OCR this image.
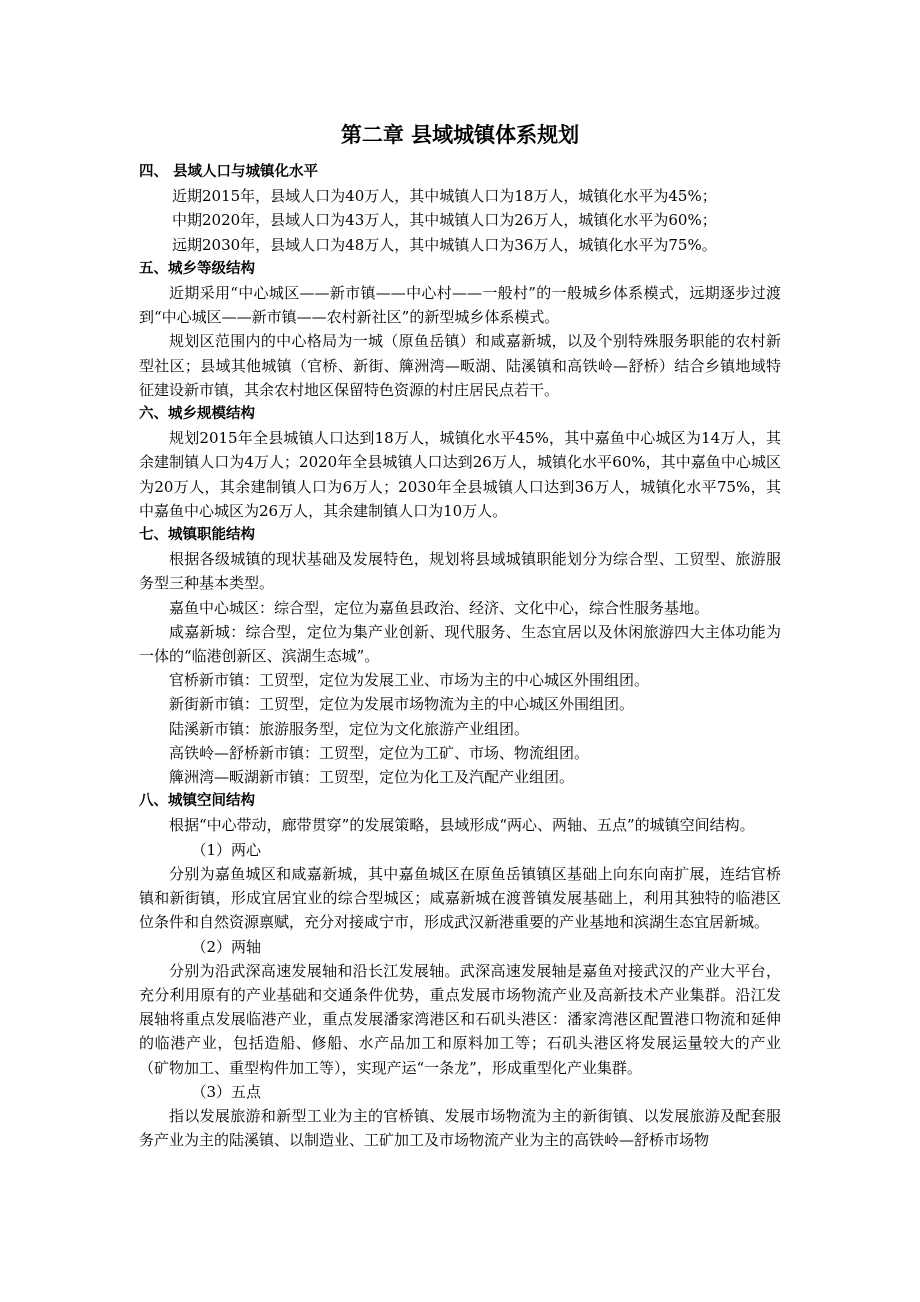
第二章 县域城镇体系规划

四、 县域人口与城镇化水平

近期2015年，县域人口为40万人，其中城镇人口为18万人，城镇化水平为45%；

中期2020年，县域人口为43万人，其中城镇人口为26万人，城镇化水平为60%；

远期2030年，县域人口为48万人，其中城镇人口为36万人，城镇化水平为75%。

五、城乡等级结构

近期采用“中心城区——新市镇——中心村——一般村”的一般城乡体系模式，远期逐步过渡到“中心城区——新市镇——农村新社区”的新型城乡体系模式。

规划区范围内的中心格局为一城（原鱼岳镇）和咸嘉新城，以及个别特殊服务职能的农村新型社区；县域其他城镇（官桥、新街、簰洲湾—畈湖、陆溪镇和高铁岭—舒桥）结合乡镇地域特征建设新市镇，其余农村地区保留特色资源的村庄居民点若干。

六、城乡规模结构

规划2015年全县城镇人口达到18万人，城镇化水平45%，其中嘉鱼中心城区为14万人，其余建制镇人口为4万人；2020年全县城镇人口达到26万人，城镇化水平60%，其中嘉鱼中心城区为20万人，其余建制镇人口为6万人；2030年全县城镇人口达到36万人，城镇化水平75%，其中嘉鱼中心城区为26万人，其余建制镇人口为10万人。

七、城镇职能结构

根据各级城镇的现状基础及发展特色，规划将县域城镇职能划分为综合型、工贸型、旅游服务型三种基本类型。

嘉鱼中心城区：综合型，定位为嘉鱼县政治、经济、文化中心，综合性服务基地。

咸嘉新城：综合型，定位为集产业创新、现代服务、生态宜居以及休闲旅游四大主体功能为一体的“临港创新区、滨湖生态城”。

官桥新市镇：工贸型，定位为发展工业、市场为主的中心城区外围组团。

新街新市镇：工贸型，定位为发展市场物流为主的中心城区外围组团。

陆溪新市镇：旅游服务型，定位为文化旅游产业组团。

高铁岭—舒桥新市镇：工贸型，定位为工矿、市场、物流组团。

簰洲湾—畈湖新市镇：工贸型，定位为化工及汽配产业组团。

八、城镇空间结构

根据“中心带动，廊带贯穿”的发展策略，县域形成“两心、两轴、五点”的城镇空间结构。

（1）两心

分别为嘉鱼城区和咸嘉新城，其中嘉鱼城区在原鱼岳镇镇区基础上向东向南扩展，连结官桥镇和新街镇，形成宜居宜业的综合型城区；咸嘉新城在渡普镇发展基础上，利用其独特的临港区位条件和自然资源禀赋，充分对接咸宁市，形成武汉新港重要的产业基地和滨湖生态宜居新城。

（2）两轴

分别为沿武深高速发展轴和沿长江发展轴。武深高速发展轴是嘉鱼对接武汉的产业大平台，充分利用原有的产业基础和交通条件优势，重点发展市场物流产业及高新技术产业集群。沿江发展轴将重点发展临港产业，重点发展潘家湾港区和石矶头港区：潘家湾港区配置港口物流和延伸的临港产业，包括造船、修船、水产品加工和原料加工等；石矶头港区将发展运量较大的产业（矿物加工、重型构件加工等），实现产运“一条龙”，形成重型化产业集群。

（3）五点

指以发展旅游和新型工业为主的官桥镇、发展市场物流为主的新街镇、以发展旅游及配套服务产业为主的陆溪镇、以制造业、工矿加工及市场物流产业为主的高铁岭—舒桥市场物
